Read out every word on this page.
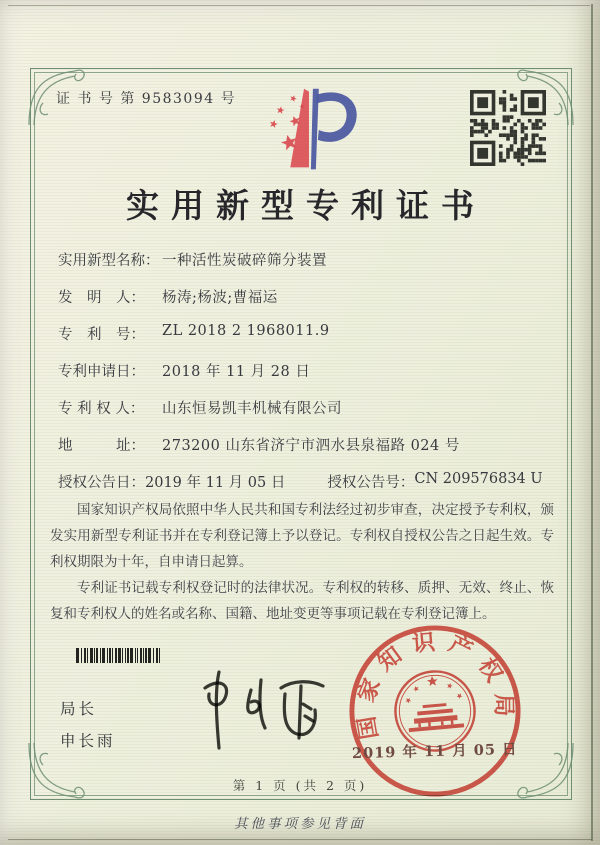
证 书 号 第 9583094 号
实用新型专利证书
实用新型名称： 一种活性炭破碎筛分装置
发　明　人：	杨涛;杨波;曹福运
专　利　号：	ZL 2018 2 1968011.9
专利申请日：	2018 年 11 月 28 日
专 利 权 人：	山东恒易凯丰机械有限公司
地　　　址：	273200 山东省济宁市泗水县泉福路 024 号
授权公告日： 2019 年 11 月 05 日	授权公告号： CN 209576834 U

国家知识产权局依照中华人民共和国专利法经过初步审查，决定授予专利权，颁发实用新型专利证书并在专利登记簿上予以登记。专利权自授权公告之日起生效。专利权期限为十年，自申请日起算。

专利证书记载专利权登记时的法律状况。专利权的转移、质押、无效、终止、恢复和专利权人的姓名或名称、国籍、地址变更等事项记载在专利登记簿上。

局长
申长雨	国家知识产权局
2019 年 11 月 05 日
第 1 页 (共 2 页)
其他事项参见背面
